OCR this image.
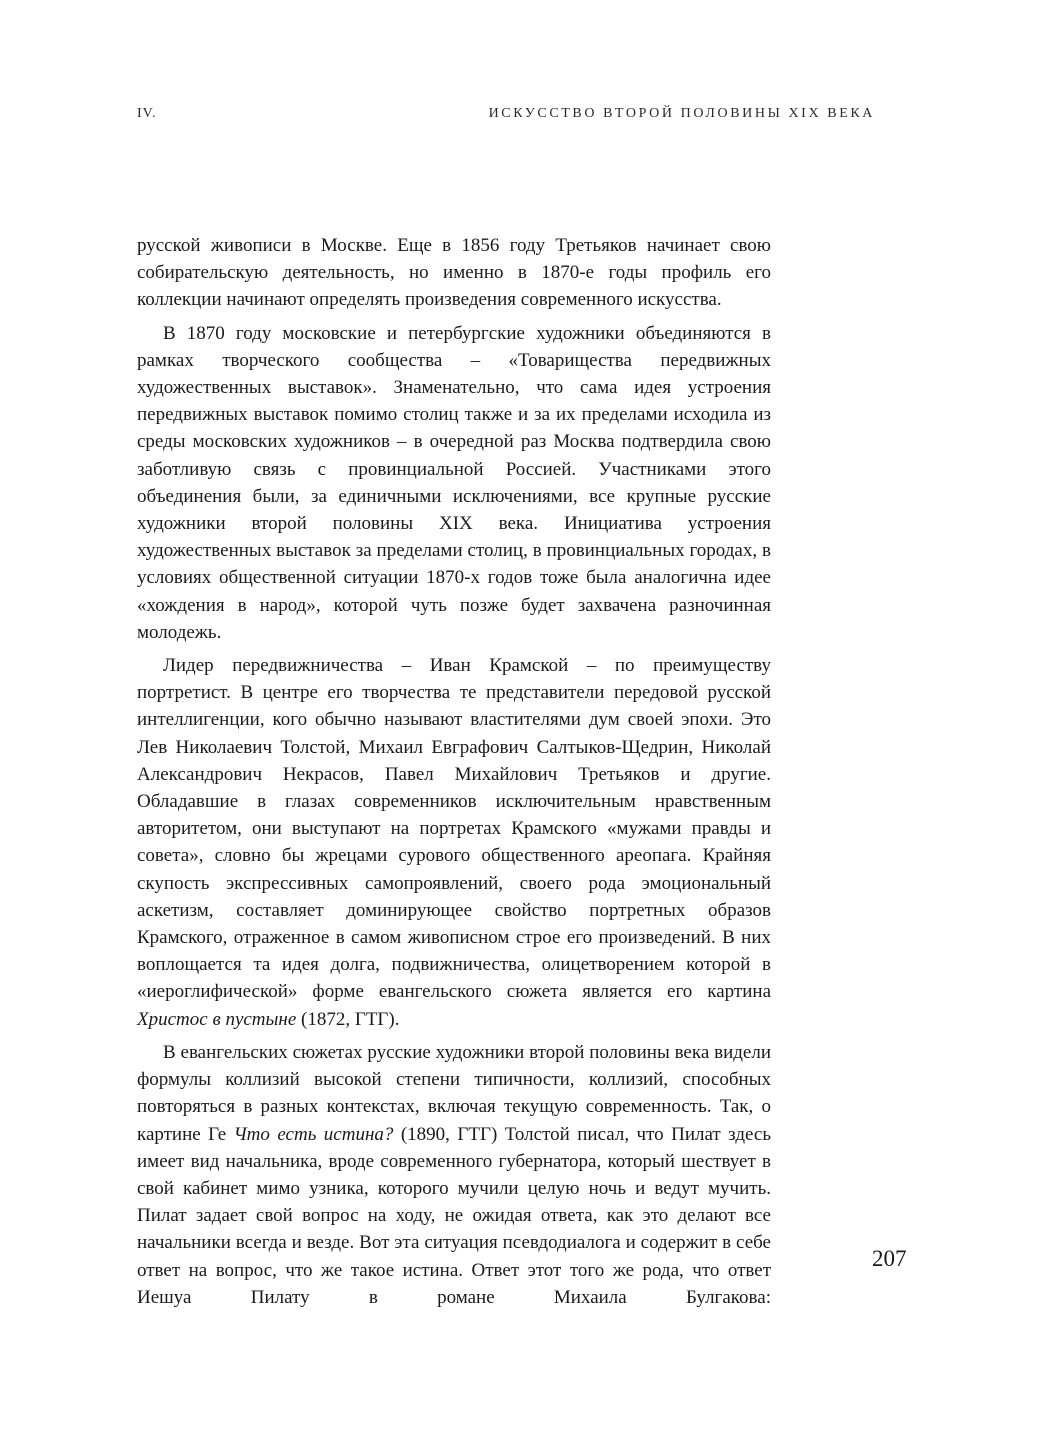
IV.	ИСКУССТВО ВТОРОЙ ПОЛОВИНЫ XIX ВЕКА

русской живописи в Москве. Еще в 1856 году Третьяков начинает свою собирательскую деятельность, но именно в 1870-е годы профиль его коллекции начинают определять произведения современного искусства.

В 1870 году московские и петербургские художники объединяются в рамках творческого сообщества – «Товарищества передвижных художественных выставок». Знаменательно, что сама идея устроения передвижных выставок помимо столиц также и за их пределами исходила из среды московских художников – в очередной раз Москва подтвердила свою заботливую связь с провинциальной Россией. Участниками этого объединения были, за единичными исключениями, все крупные русские художники второй половины XIX века. Инициатива устроения художественных выставок за пределами столиц, в провинциальных городах, в условиях общественной ситуации 1870-х годов тоже была аналогична идее «хождения в народ», которой чуть позже будет захвачена разночинная молодежь.

Лидер передвижничества – Иван Крамской – по преимуществу портретист. В центре его творчества те представители передовой русской интеллигенции, кого обычно называют властителями дум своей эпохи. Это Лев Николаевич Толстой, Михаил Евграфович Салтыков-Щедрин, Николай Александрович Некрасов, Павел Михайлович Третьяков и другие. Обладавшие в глазах современников исключительным нравственным авторитетом, они выступают на портретах Крамского «мужами правды и совета», словно бы жрецами сурового общественного ареопага. Крайняя скупость экспрессивных самопроявлений, своего рода эмоциональный аскетизм, составляет доминирующее свойство портретных образов Крамского, отраженное в самом живописном строе его произведений. В них воплощается та идея долга, подвижничества, олицетворением которой в «иероглифической» форме евангельского сюжета является его картина Христос в пустыне (1872, ГТГ).

В евангельских сюжетах русские художники второй половины века видели формулы коллизий высокой степени типичности, коллизий, способных повторяться в разных контекстах, включая текущую современность. Так, о картине Ге Что есть истина? (1890, ГТГ) Толстой писал, что Пилат здесь имеет вид начальника, вроде современного губернатора, который шествует в свой кабинет мимо узника, которого мучили целую ночь и ведут мучить. Пилат задает свой вопрос на ходу, не ожидая ответа, как это делают все начальники всегда и везде. Вот эта ситуация псевдодиалога и содержит в себе ответ на вопрос, что же такое истина. Ответ этот того же рода, что ответ Иешуа Пилату в романе Михаила Булгакова:

207
